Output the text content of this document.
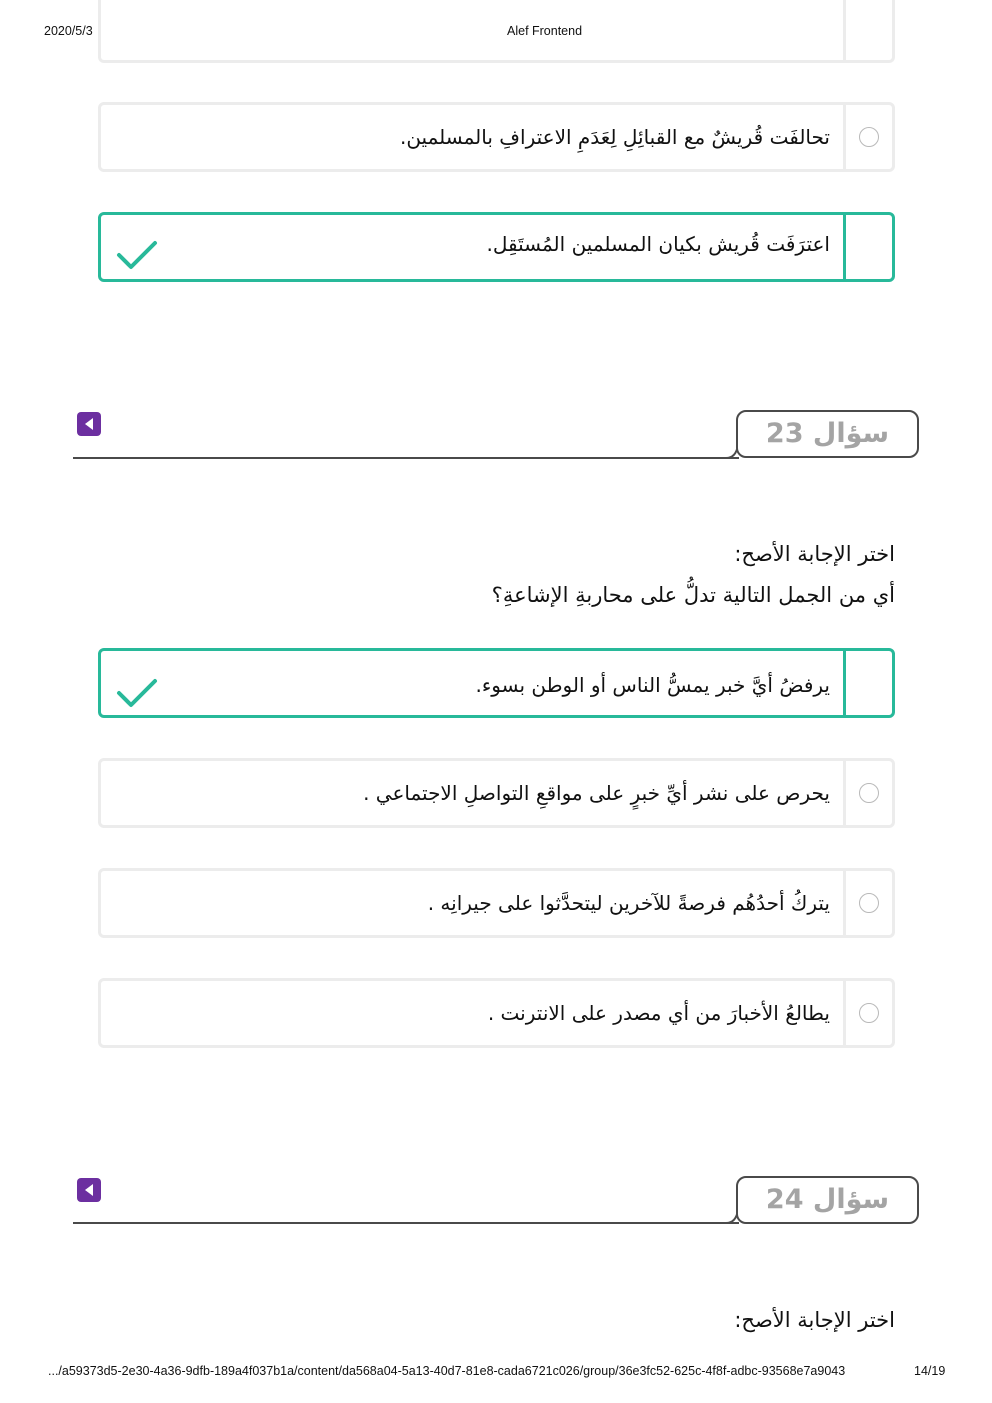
2020/5/3	Alef Frontend
تحالفَت قُريشٌ مع القبائِلِ لِعَدَمِ الاعترافِ بالمسلمين.
اعترَفَت قُريش بكيان المسلمين المُستَقِل.
سؤال 23
اختر الإجابة الأصح:
أي من الجمل التالية تدلُّ على محاربةِ الإشاعةِ؟
يرفضُ أيَّ خبر يمسُّ الناس أو الوطن بسوء.
يحرص على نشر أيِّ خبرٍ على مواقعِ التواصلِ الاجتماعي .
يتركُ أحدُهُم فرصةً للآخرين ليتحدَّثوا على جيرانِه .
يطالعُ الأخبارَ من أي مصدر على الانترنت .
سؤال 24
اختر الإجابة الأصح:
.../a59373d5-2e30-4a36-9dfb-189a4f037b1a/content/da568a04-5a13-40d7-81e8-cada6721c026/group/36e3fc52-625c-4f8f-adbc-93568e7a9043	14/19
